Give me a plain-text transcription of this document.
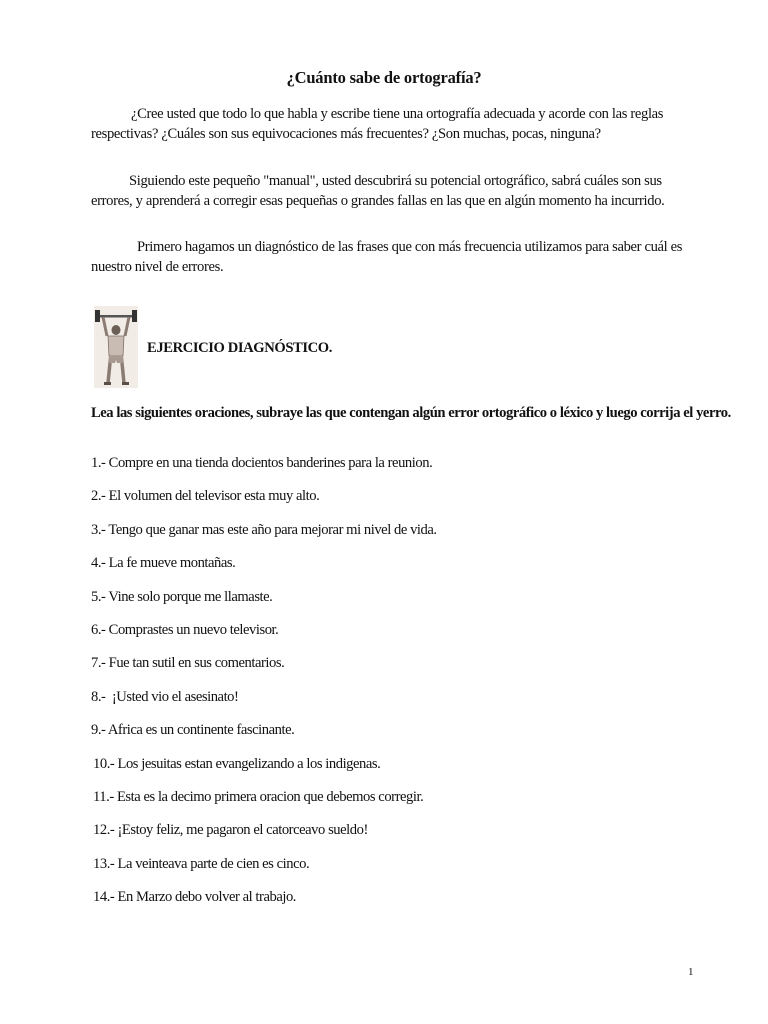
¿Cuánto sabe de ortografía?

¿Cree usted que todo lo que habla y escribe tiene una ortografía adecuada y acorde con las reglas respectivas? ¿Cuáles son sus equivocaciones más frecuentes? ¿Son muchas, pocas, ninguna?

Siguiendo este pequeño "manual", usted descubrirá su potencial ortográfico, sabrá cuáles son sus errores, y aprenderá a corregir esas pequeñas o grandes fallas en las que en algún momento ha incurrido.

Primero hagamos un diagnóstico de las frases que con más frecuencia utilizamos para saber cuál es nuestro nivel de errores.

EJERCICIO DIAGNÓSTICO.

Lea las siguientes oraciones, subraye las que contengan algún error ortográfico o léxico y luego corrija el yerro.

1.- Compre en una tienda docientos banderines para la reunion.
2.- El volumen del televisor esta muy alto.
3.- Tengo que ganar mas este año para mejorar mi nivel de vida.
4.- La fe mueve montañas.
5.- Vine solo porque me llamaste.
6.- Comprastes un nuevo televisor.
7.- Fue tan sutil en sus comentarios.
8.-  ¡Usted vio el asesinato!
9.- Africa es un continente fascinante.
10.- Los jesuitas estan evangelizando a los indigenas.
11.- Esta es la decimo primera oracion que debemos corregir.
12.- ¡Estoy feliz, me pagaron el catorceavo sueldo!
13.- La veinteava parte de cien es cinco.
14.- En Marzo debo volver al trabajo.
1
